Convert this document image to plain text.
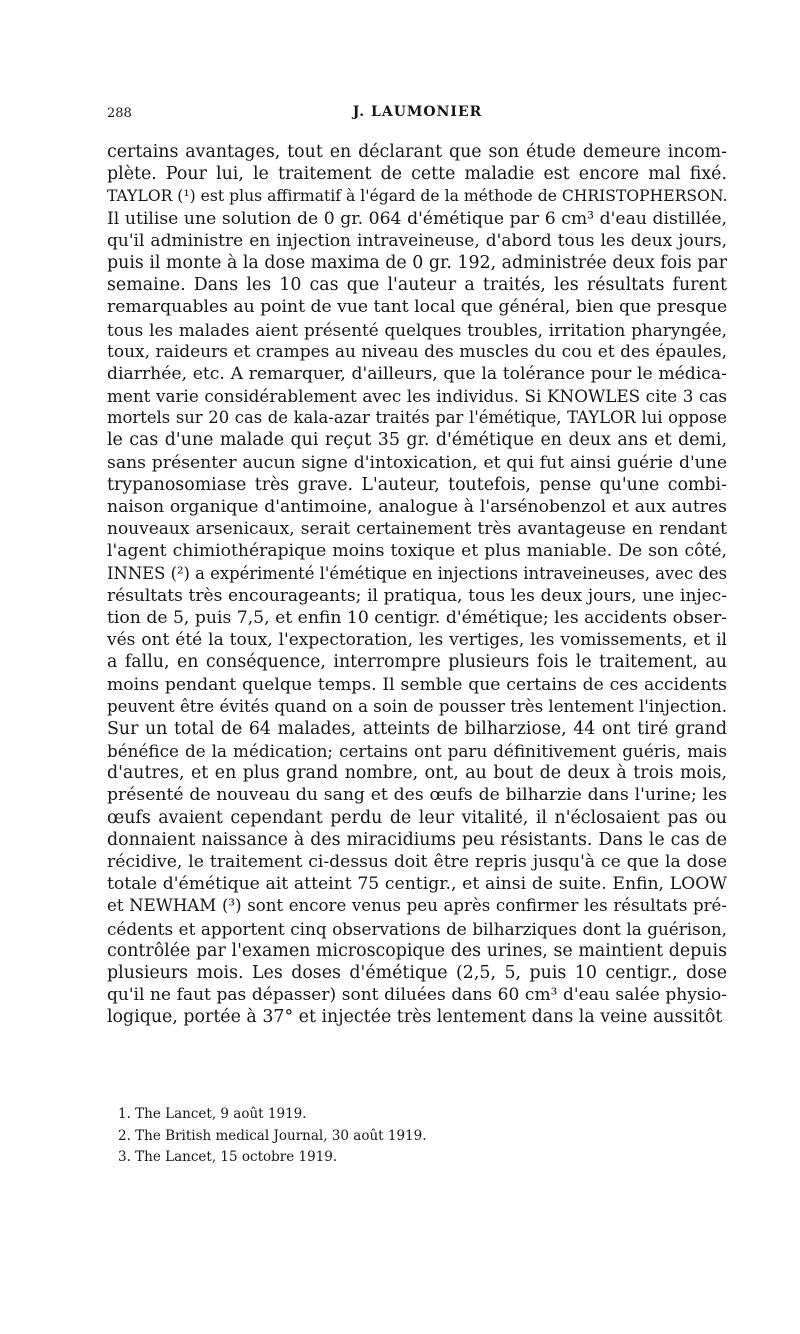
288	J. LAUMONIER
certains avantages, tout en déclarant que son étude demeure incom-
plète. Pour lui, le traitement de cette maladie est encore mal fixé.
TAYLOR (¹) est plus affirmatif à l'égard de la méthode de CHRISTOPHERSON.
Il utilise une solution de 0 gr. 064 d'émétique par 6 cm³ d'eau distillée,
qu'il administre en injection intraveineuse, d'abord tous les deux jours,
puis il monte à la dose maxima de 0 gr. 192, administrée deux fois par
semaine. Dans les 10 cas que l'auteur a traités, les résultats furent
remarquables au point de vue tant local que général, bien que presque
tous les malades aient présenté quelques troubles, irritation pharyngée,
toux, raideurs et crampes au niveau des muscles du cou et des épaules,
diarrhée, etc. A remarquer, d'ailleurs, que la tolérance pour le médica-
ment varie considérablement avec les individus. Si KNOWLES cite 3 cas
mortels sur 20 cas de kala-azar traités par l'émétique, TAYLOR lui oppose
le cas d'une malade qui reçut 35 gr. d'émétique en deux ans et demi,
sans présenter aucun signe d'intoxication, et qui fut ainsi guérie d'une
trypanosomiase très grave. L'auteur, toutefois, pense qu'une combi-
naison organique d'antimoine, analogue à l'arsénobenzol et aux autres
nouveaux arsenicaux, serait certainement très avantageuse en rendant
l'agent chimiothérapique moins toxique et plus maniable. De son côté,
INNES (²) a expérimenté l'émétique en injections intraveineuses, avec des
résultats très encourageants; il pratiqua, tous les deux jours, une injec-
tion de 5, puis 7,5, et enfin 10 centigr. d'émétique; les accidents obser-
vés ont été la toux, l'expectoration, les vertiges, les vomissements, et il
a fallu, en conséquence, interrompre plusieurs fois le traitement, au
moins pendant quelque temps. Il semble que certains de ces accidents
peuvent être évités quand on a soin de pousser très lentement l'injection.
Sur un total de 64 malades, atteints de bilharziose, 44 ont tiré grand
bénéfice de la médication; certains ont paru définitivement guéris, mais
d'autres, et en plus grand nombre, ont, au bout de deux à trois mois,
présenté de nouveau du sang et des œufs de bilharzie dans l'urine; les
œufs avaient cependant perdu de leur vitalité, il n'éclosaient pas ou
donnaient naissance à des miracidiums peu résistants. Dans le cas de
récidive, le traitement ci-dessus doit être repris jusqu'à ce que la dose
totale d'émétique ait atteint 75 centigr., et ainsi de suite. Enfin, LOOW
et NEWHAM (³) sont encore venus peu après confirmer les résultats pré-
cédents et apportent cinq observations de bilharziques dont la guérison,
contrôlée par l'examen microscopique des urines, se maintient depuis
plusieurs mois. Les doses d'émétique (2,5, 5, puis 10 centigr., dose
qu'il ne faut pas dépasser) sont diluées dans 60 cm³ d'eau salée physio-
logique, portée à 37° et injectée très lentement dans la veine aussitôt
1. The Lancet, 9 août 1919.
2. The British medical Journal, 30 août 1919.
3. The Lancet, 15 octobre 1919.
